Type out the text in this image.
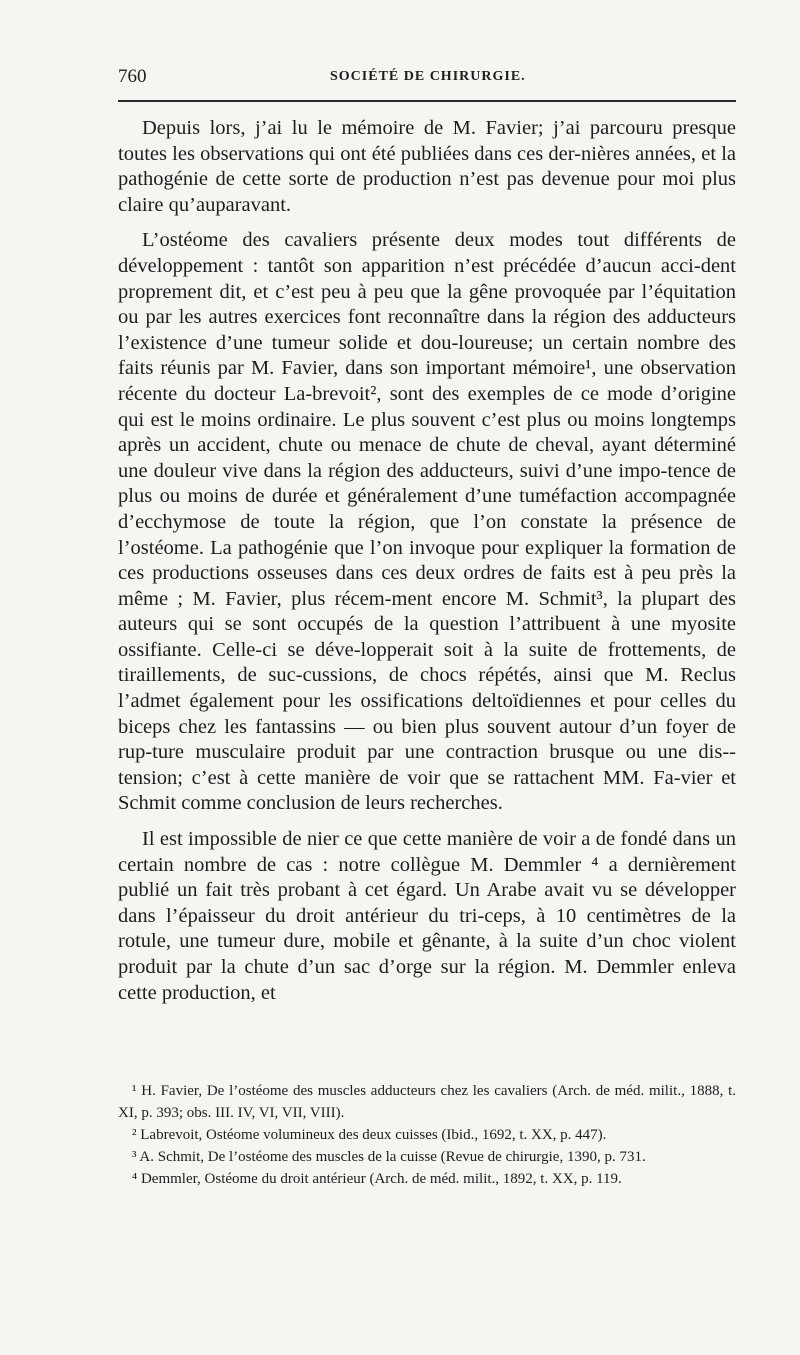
760	SOCIÉTÉ DE CHIRURGIE.

Depuis lors, j’ai lu le mémoire de M. Favier; j’ai parcouru presque toutes les observations qui ont été publiées dans ces der-nières années, et la pathogénie de cette sorte de production n’est pas devenue pour moi plus claire qu’auparavant.

L’ostéome des cavaliers présente deux modes tout différents de développement : tantôt son apparition n’est précédée d’aucun acci-dent proprement dit, et c’est peu à peu que la gêne provoquée par l’équitation ou par les autres exercices font reconnaître dans la région des adducteurs l’existence d’une tumeur solide et dou-loureuse; un certain nombre des faits réunis par M. Favier, dans son important mémoire¹, une observation récente du docteur La-brevoit², sont des exemples de ce mode d’origine qui est le moins ordinaire. Le plus souvent c’est plus ou moins longtemps après un accident, chute ou menace de chute de cheval, ayant déterminé une douleur vive dans la région des adducteurs, suivi d’une impo-tence de plus ou moins de durée et généralement d’une tuméfaction accompagnée d’ecchymose de toute la région, que l’on constate la présence de l’ostéome. La pathogénie que l’on invoque pour expliquer la formation de ces productions osseuses dans ces deux ordres de faits est à peu près la même ; M. Favier, plus récem-ment encore M. Schmit³, la plupart des auteurs qui se sont occupés de la question l’attribuent à une myosite ossifiante. Celle-ci se déve-lopperait soit à la suite de frottements, de tiraillements, de suc-cussions, de chocs répétés, ainsi que M. Reclus l’admet également pour les ossifications deltoïdiennes et pour celles du biceps chez les fantassins — ou bien plus souvent autour d’un foyer de rup-ture musculaire produit par une contraction brusque ou une dis-tension; c’est à cette manière de voir que se rattachent MM. Fa-vier et Schmit comme conclusion de leurs recherches.

Il est impossible de nier ce que cette manière de voir a de fondé dans un certain nombre de cas : notre collègue M. Demmler ⁴ a dernièrement publié un fait très probant à cet égard. Un Arabe avait vu se développer dans l’épaisseur du droit antérieur du tri-ceps, à 10 centimètres de la rotule, une tumeur dure, mobile et gênante, à la suite d’un choc violent produit par la chute d’un sac d’orge sur la région. M. Demmler enleva cette production, et

¹ H. Favier, De l’ostéome des muscles adducteurs chez les cavaliers (Arch. de méd. milit., 1888, t. XI, p. 393; obs. III. IV, VI, VII, VIII).

² Labrevoit, Ostéome volumineux des deux cuisses (Ibid., 1692, t. XX, p. 447).

³ A. Schmit, De l’ostéome des muscles de la cuisse (Revue de chirurgie, 1390, p. 731.

⁴ Demmler, Ostéome du droit antérieur (Arch. de méd. milit., 1892, t. XX, p. 119.
